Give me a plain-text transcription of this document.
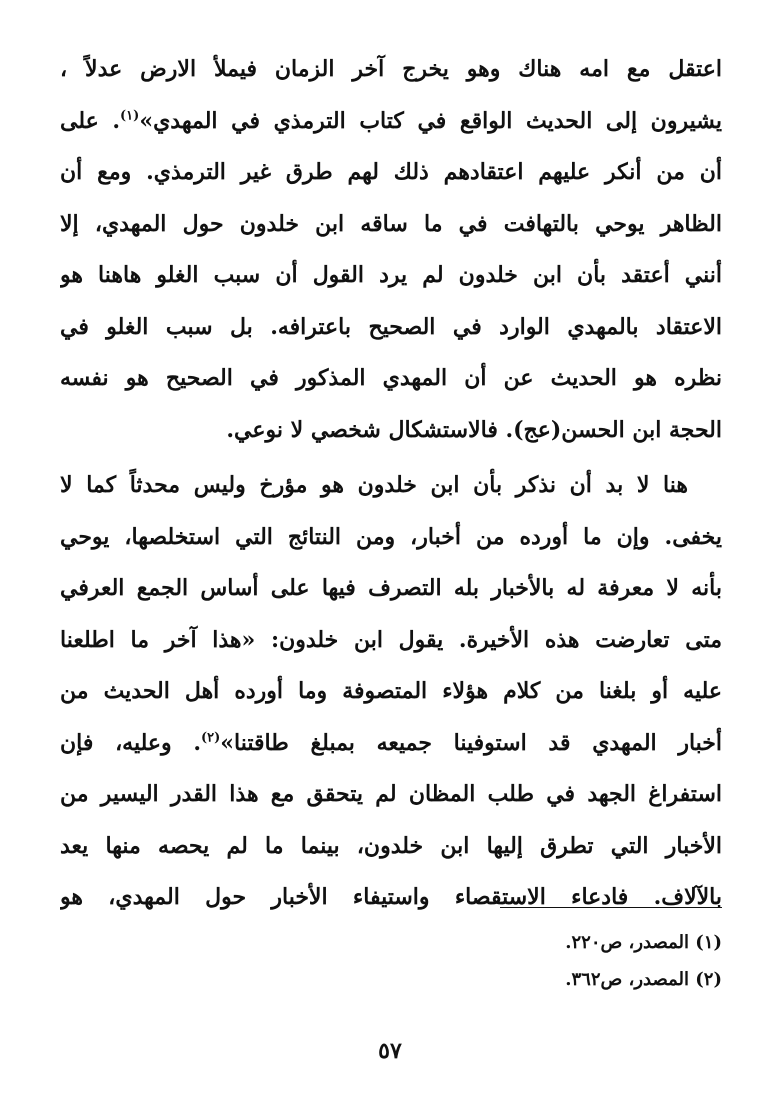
اعتقل مع امه هناك وهو يخرج آخر الزمان فيملأ الارض عدلاً ،
يشيرون إلى الحديث الواقع في كتاب الترمذي في المهدي»$^{(١)}$. على
أن من أنكر عليهم اعتقادهم ذلك لهم طرق غير الترمذي. ومع أن
الظاهر يوحي بالتهافت في ما ساقه ابن خلدون حول المهدي، إلا
أنني أعتقد بأن ابن خلدون لم يرد القول أن سبب الغلو هاهنا هو
الاعتقاد بالمهدي الوارد في الصحيح باعترافه. بل سبب الغلو في
نظره هو الحديث عن أن المهدي المذكور في الصحيح هو نفسه
الحجة ابن الحسن(عج). فالاستشكال شخصي لا نوعي.

هنا لا بد أن نذكر بأن ابن خلدون هو مؤرخ وليس محدثاً كما لا
يخفى. وإن ما أورده من أخبار، ومن النتائج التي استخلصها، يوحي
بأنه لا معرفة له بالأخبار بله التصرف فيها على أساس الجمع العرفي
متى تعارضت هذه الأخيرة. يقول ابن خلدون: «هذا آخر ما اطلعنا
عليه أو بلغنا من كلام هؤلاء المتصوفة وما أورده أهل الحديث من
أخبار المهدي قد استوفينا جميعه بمبلغ طاقتنا»$^{(٢)}$. وعليه، فإن
استفراغ الجهد في طلب المظان لم يتحقق مع هذا القدر اليسير من
الأخبار التي تطرق إليها ابن خلدون، بينما ما لم يحصه منها يعد
بالآلاف. فادعاء الاستقصاء واستيفاء الأخبار حول المهدي، هو

(١) المصدر، ص٢٢٠.
(٢) المصدر، ص٣٦٢.
٥٧
